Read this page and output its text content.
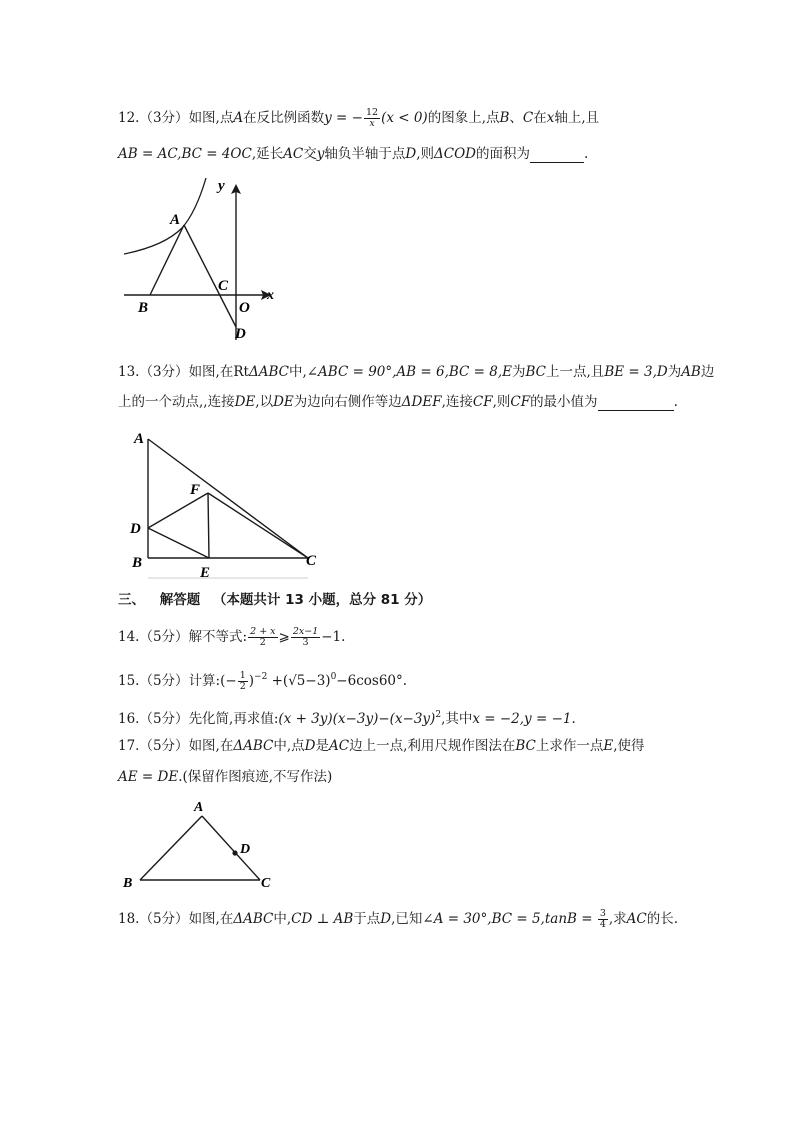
12.（3分）如图,点A在反比例函数y = − $\frac{12}{x} (x < 0)$的图象上,点B、C在x轴上,且
AB = AC,BC = 4OC,延长AC交y轴负半轴于点D,则ΔCOD的面积为	.
y
A
C
x
B	O
D
13.（3分）如图,在RtΔABC中,∠ABC = 90°,AB = 6,BC = 8,E为BC上一点,且BE = 3,D为AB边
上的一个动点,,连接DE,以DE为边向右侧作等边ΔDEF,连接CF,则CF的最小值为	.
A
F
D
B	C
E
三、 解答题 （本题共计 13 小题，总分 81 分）
14.（5分）解不等式: $\frac{2 + x}{2}$ ⩾ $\frac{2x-1}{3} -1$.
15.（5分）计算:(− $\frac{1}{2} )^{-2} +(√5-3)^0-6\cos 60^\circ$.
16.（5分）先化简,再求值:(x + $3y)(x-3y)-(x-3y)^2$,其中x = −2,y = −1.
17.（5分）如图,在ΔABC中,点D是AC边上一点,利用尺规作图法在BC上求作一点E,使得
AE = DE.(保留作图痕迹,不写作法)
A
D
B	C
18.（5分）如图,在ΔABC中,CD ⊥ AB于点D,已知∠A = $30^\circ,BC = 5,\tan B = \frac{3}{4}$ ,求AC的长.
